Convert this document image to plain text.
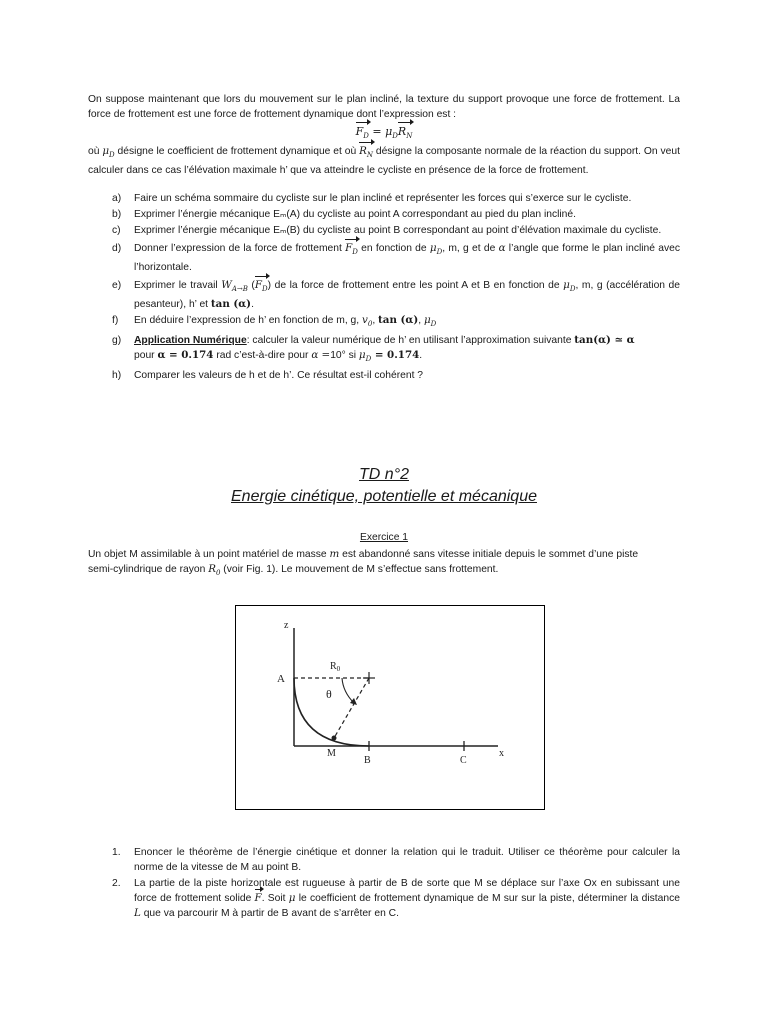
On suppose maintenant que lors du mouvement sur le plan incliné, la texture du support provoque une force de frottement. La force de frottement est une force de frottement dynamique dont l’expression est :
$F_D = \mu_DR_N$
où $\mu_D$ désigne le coefficient de frottement dynamique et où $R_N$ désigne la composante normale de la réaction du support. On veut calculer dans ce cas l’élévation maximale h’ que va atteindre le cycliste en présence de la force de frottement.
a) Faire un schéma sommaire du cycliste sur le plan incliné et représenter les forces qui s’exerce sur le cycliste.
b) Exprimer l’énergie mécanique Eₘ(A) du cycliste au point A correspondant au pied du plan incliné.
c) Exprimer l’énergie mécanique Eₘ(B) du cycliste au point B correspondant au point d’élévation maximale du cycliste.
d) Donner l’expression de la force de frottement $F_D$ en fonction de $\mu_D$, m, g et de α l’angle que forme le plan incliné avec l’horizontale.
e) Exprimer le travail $W_{A\to B}$ $(F_D)$ de la force de frottement entre les point A et B en fonction de $\mu_D$, m, g (accélération de pesanteur), h’ et tan (α).
f) En déduire l’expression de h’ en fonction de m, g, $v_0$, tan (α), $\mu_D$
g) Application Numérique: calculer la valeur numérique de h’ en utilisant l’approximation suivante tan(α) ≃ α
pour α = 0.174 rad c’est-à-dire pour α =10° si $\mu_D = 0.174$.
h) Comparer les valeurs de h et de h’. Ce résultat est-il cohérent ?
TD n°2
Energie cinétique, potentielle et mécanique
Exercice 1
Un objet M assimilable à un point matériel de masse m est abandonné sans vitesse initiale depuis le sommet d’une piste semi-cylindrique de rayon $R_0$ (voir Fig. 1). Le mouvement de M s’effectue sans frottement.
z
x
A
M
B	C
$R_0$
θ
1. Enoncer le théorème de l’énergie cinétique et donner la relation qui le traduit. Utiliser ce théorème pour calculer la norme de la vitesse de M au point B.
2. La partie de la piste horizontale est rugueuse à partir de B de sorte que M se déplace sur l’axe Ox en subissant une force de frottement solide F. Soit μ le coefficient de frottement dynamique de M sur sur la piste, déterminer la distance L que va parcourir M à partir de B avant de s’arrêter en C.
